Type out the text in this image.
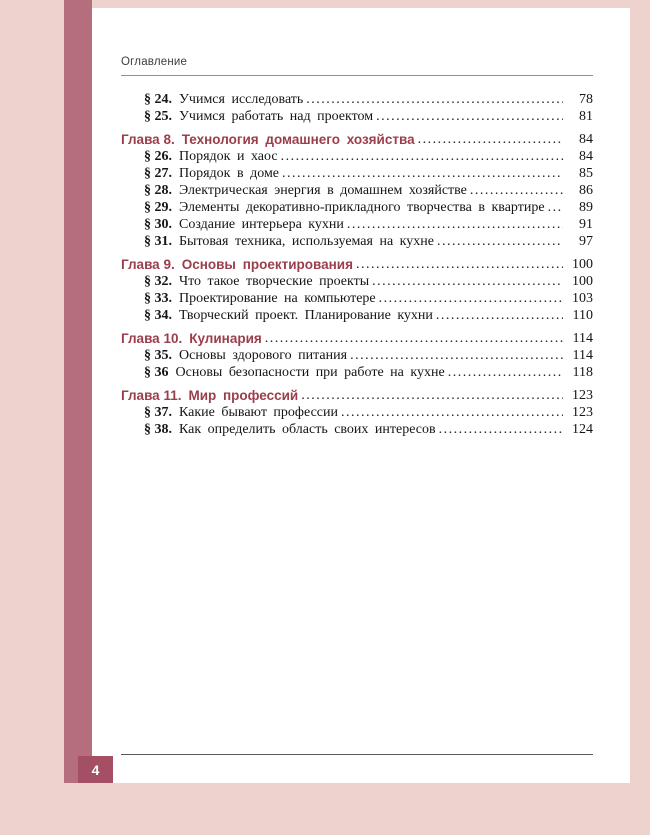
Оглавление
§ 24. Учимся исследовать .....	78
§ 25. Учимся работать над проектом .....	81
Глава 8. Технология домашнего хозяйства .....	84
§ 26. Порядок и хаос .....	84
§ 27. Порядок в доме .....	85
§ 28. Электрическая энергия в домашнем хозяйстве .....	86
§ 29. Элементы декоративно-прикладного творчества в квартире .....	89
§ 30. Создание интерьера кухни .....	91
§ 31. Бытовая техника, используемая на кухне .....	97
Глава 9. Основы проектирования .....	100
§ 32. Что такое творческие проекты .....	100
§ 33. Проектирование на компьютере .....	103
§ 34. Творческий проект. Планирование кухни .....	110
Глава 10. Кулинария .....	114
§ 35. Основы здорового питания .....	114
§ 36 Основы безопасности при работе на кухне .....	118
Глава 11. Мир профессий .....	123
§ 37. Какие бывают профессии .....	123
§ 38. Как определить область своих интересов .....	124
4
